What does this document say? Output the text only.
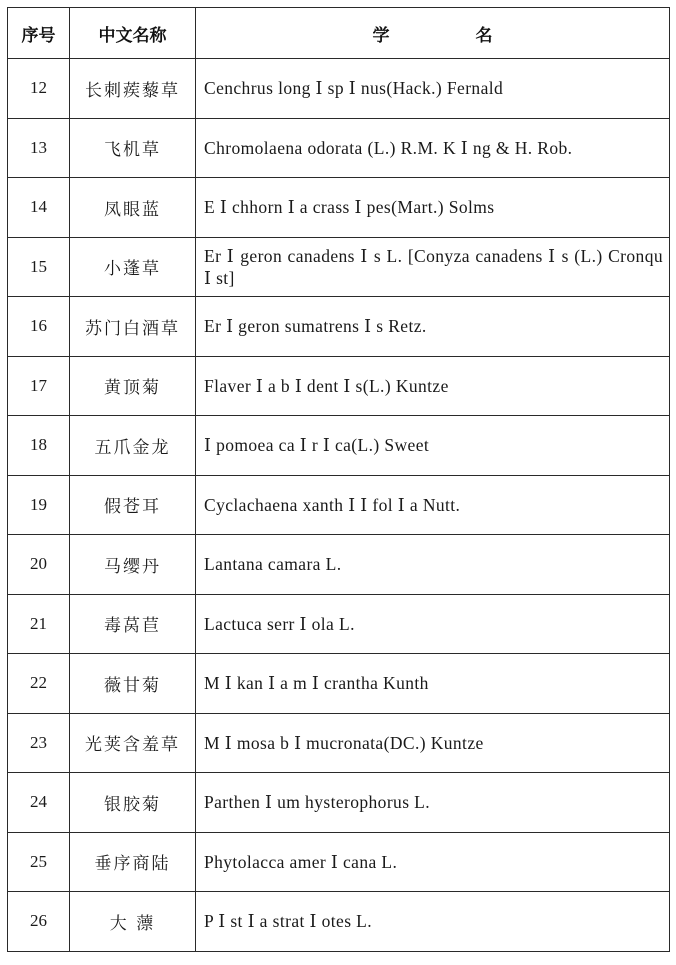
序号	中文名称	学 名
12	长刺蒺藜草	Cenchrus long Ⅰ sp Ⅰ nus(Hack.) Fernald
13	飞机草	Chromolaena odorata (L.) R.M. K Ⅰ ng & H. Rob.
14	凤眼蓝	E Ⅰ chhorn Ⅰ a crass Ⅰ pes(Mart.) Solms
15	小蓬草	Er Ⅰ geron canadens Ⅰ s L. [Conyza canadens Ⅰ s (L.) Cronqu Ⅰ st]
16	苏门白酒草	Er Ⅰ geron sumatrens Ⅰ s Retz.
17	黄顶菊	Flaver Ⅰ a b Ⅰ dent Ⅰ s(L.) Kuntze
18	五爪金龙	Ⅰ pomoea ca Ⅰ r Ⅰ ca(L.) Sweet
19	假苍耳	Cyclachaena xanth Ⅰ Ⅰ fol Ⅰ a Nutt.
20	马缨丹	Lantana camara L.
21	毒莴苣	Lactuca serr Ⅰ ola L.
22	薇甘菊	M Ⅰ kan Ⅰ a m Ⅰ crantha Kunth
23	光荚含羞草	M Ⅰ mosa b Ⅰ mucronata(DC.) Kuntze
24	银胶菊	Parthen Ⅰ um hysterophorus L.
25	垂序商陆	Phytolacca amer Ⅰ cana L.
26	大 薸	P Ⅰ st Ⅰ a strat Ⅰ otes L.
